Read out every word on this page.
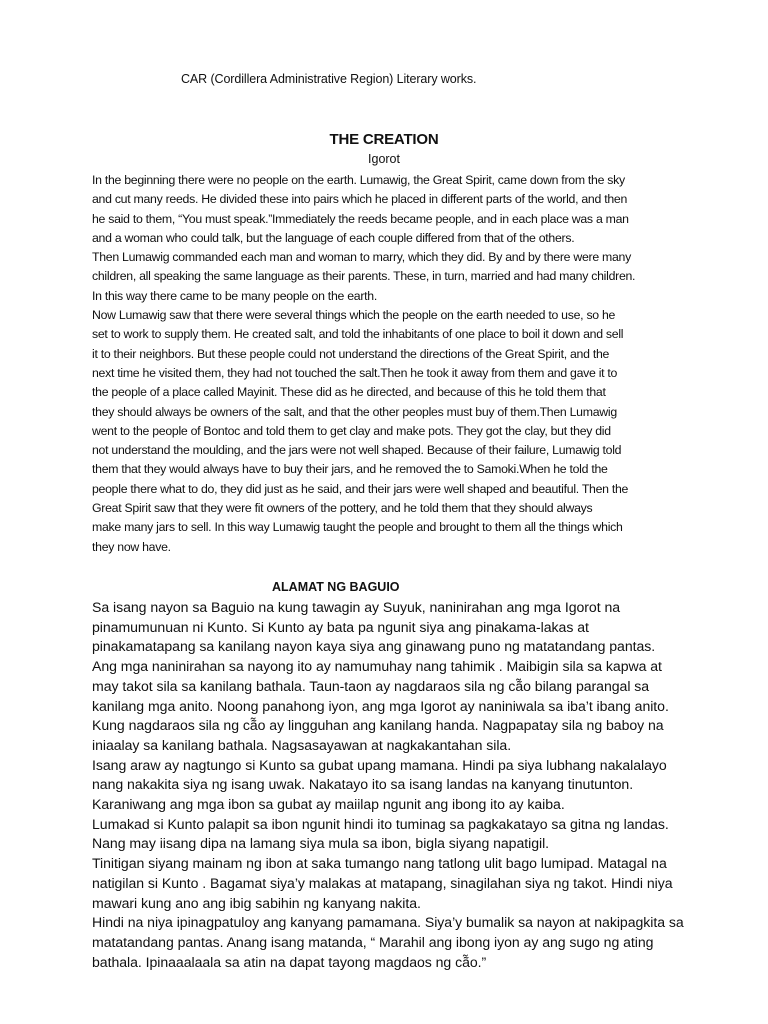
CAR (Cordillera Administrative Region) Literary works.
THE CREATION
Igorot
In the beginning there were no people on the earth. Lumawig, the Great Spirit, came down from the sky
and cut many reeds. He divided these into pairs which he placed in different parts of the world, and then
he said to them, “You must speak.”Immediately the reeds became people, and in each place was a man
and a woman who could talk, but the language of each couple differed from that of the others.
Then Lumawig commanded each man and woman to marry, which they did. By and by there were many
children, all speaking the same language as their parents. These, in turn, married and had many children.
In this way there came to be many people on the earth.
Now Lumawig saw that there were several things which the people on the earth needed to use, so he
set to work to supply them. He created salt, and told the inhabitants of one place to boil it down and sell
it to their neighbors. But these people could not understand the directions of the Great Spirit, and the
next time he visited them, they had not touched the salt.Then he took it away from them and gave it to
the people of a place called Mayinit. These did as he directed, and because of this he told them that
they should always be owners of the salt, and that the other peoples must buy of them.Then Lumawig
went to the people of Bontoc and told them to get clay and make pots. They got the clay, but they did
not understand the moulding, and the jars were not well shaped. Because of their failure, Lumawig told
them that they would always have to buy their jars, and he removed the to Samoki.When he told the
people there what to do, they did just as he said, and their jars were well shaped and beautiful. Then the
Great Spirit saw that they were fit owners of the pottery, and he told them that they should always
make many jars to sell. In this way Lumawig taught the people and brought to them all the things which
they now have.
ALAMAT NG BAGUIO
Sa isang nayon sa Baguio na kung tawagin ay Suyuk, naninirahan ang mga Igorot na
pinamumunuan ni Kunto. Si Kunto ay bata pa ngunit siya ang pinakama-lakas at
pinakamatapang sa kanilang nayon kaya siya ang ginawang puno ng matatandang pantas.
Ang mga naninirahan sa nayong ito ay namumuhay nang tahimik . Maibigin sila sa kapwa at
may takot sila sa kanilang bathala. Taun-taon ay nagdaraos sila ng cã̃o bilang parangal sa
kanilang mga anito. Noong panahong iyon, ang mga Igorot ay naniniwala sa iba’t ibang anito.
Kung nagdaraos sila ng cã̃o ay lingguhan ang kanilang handa. Nagpapatay sila ng baboy na
iniaalay sa kanilang bathala. Nagsasayawan at nagkakantahan sila.
Isang araw ay nagtungo si Kunto sa gubat upang mamana. Hindi pa siya lubhang nakalalayo
nang nakakita siya ng isang uwak. Nakatayo ito sa isang landas na kanyang tinutunton.
Karaniwang ang mga ibon sa gubat ay maiilap ngunit ang ibong ito ay kaiba.
Lumakad si Kunto palapit sa ibon ngunit hindi ito tuminag sa pagkakatayo sa gitna ng landas.
Nang may iisang dipa na lamang siya mula sa ibon, bigla siyang napatigil.
Tinitigan siyang mainam ng ibon at saka tumango nang tatlong ulit bago lumipad. Matagal na
natigilan si Kunto . Bagamat siya’y malakas at matapang, sinagilahan siya ng takot. Hindi niya
mawari kung ano ang ibig sabihin ng kanyang nakita.
Hindi na niya ipinagpatuloy ang kanyang pamamana. Siya’y bumalik sa nayon at nakipagkita sa
matatandang pantas. Anang isang matanda, “ Marahil ang ibong iyon ay ang sugo ng ating
bathala. Ipinaaalaala sa atin na dapat tayong magdaos ng cã̃o.”
